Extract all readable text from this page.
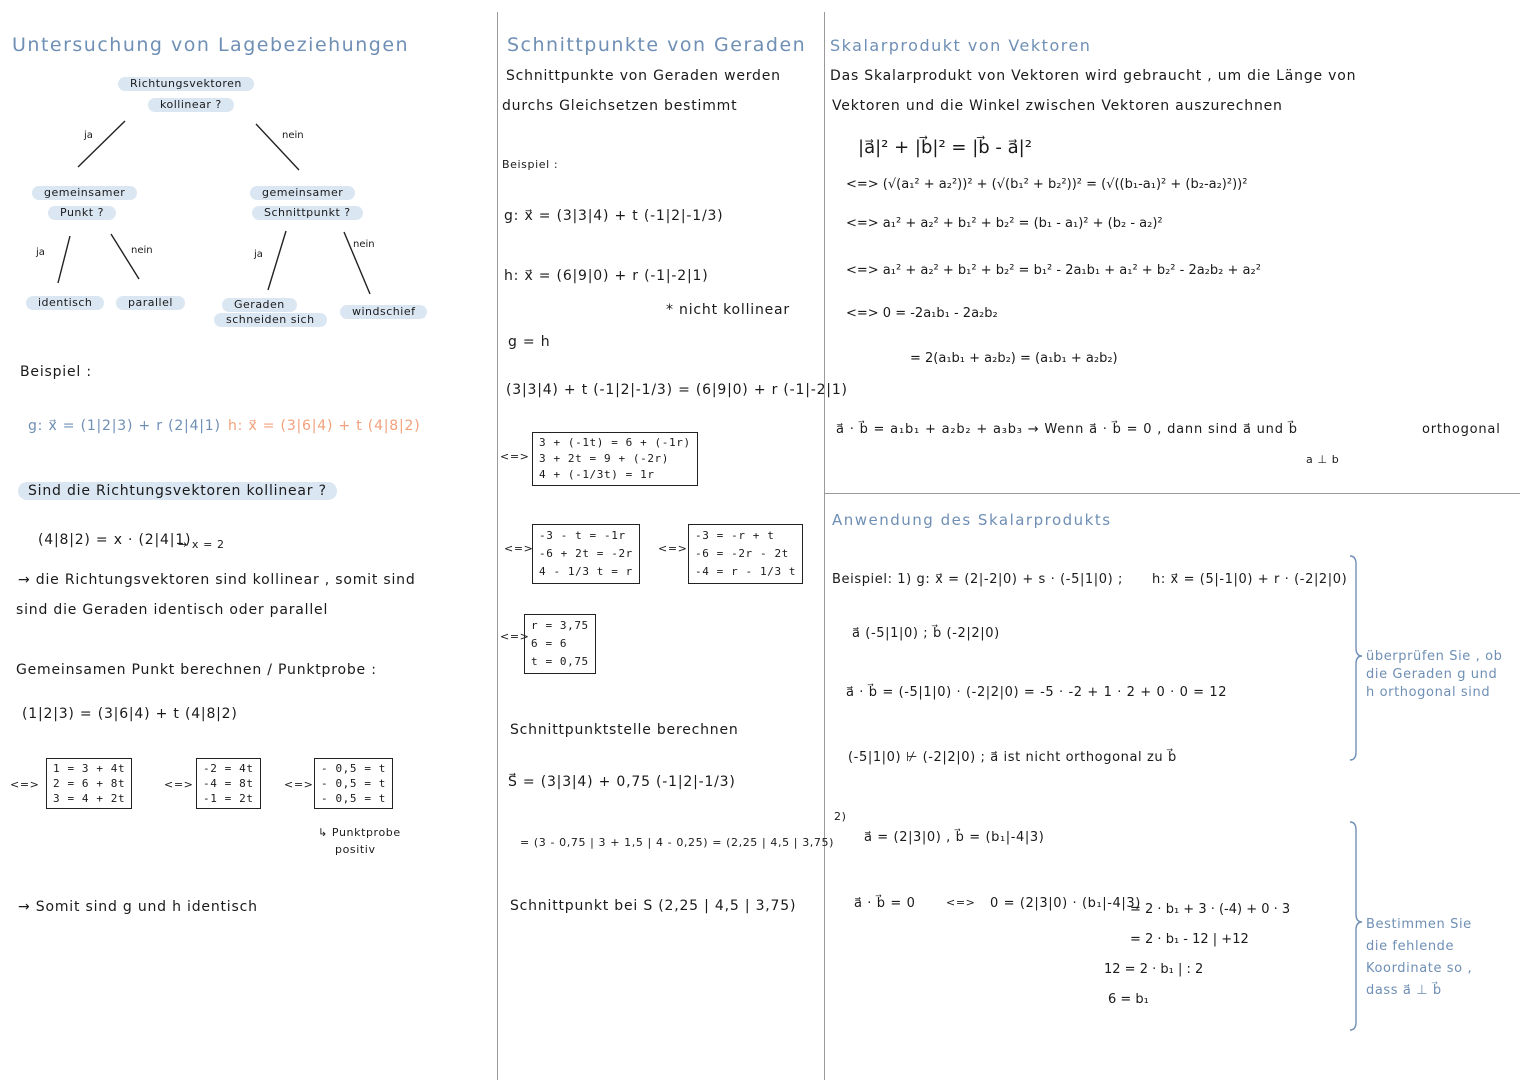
Untersuchung von Lagebeziehungen
Richtungsvektoren
kollinear ?
ja	nein
gemeinsamer
Punkt ?
gemeinsamer
Schnittpunkt ?
ja	nein	ja
nein
identisch	parallel	Geraden
schneiden sich
windschief
Beispiel :
g: x⃗ = (1|2|3) + r (2|4|1) h: x⃗ = (3|6|4) + t (4|8|2)
Sind die Richtungsvektoren kollinear ?
(4|8|2) = x · (2|4|1)
→ x = 2
→ die Richtungsvektoren sind kollinear , somit sind
sind die Geraden identisch oder parallel
Gemeinsamen Punkt berechnen / Punktprobe :
(1|2|3) = (3|6|4) + t (4|8|2)
<=>
1 = 3 + 4t
2 = 6 + 8t
3 = 4 + 2t
<=>
-2 = 4t
-4 = 8t
-1 = 2t
<=>
- 0,5 = t
- 0,5 = t
- 0,5 = t
↳ Punktprobe
positiv
→ Somit sind g und h identisch
Schnittpunkte von Geraden
Schnittpunkte von Geraden werden
durchs Gleichsetzen bestimmt
Beispiel :
g: x⃗ = (3|3|4) + t (-1|2|-1/3)
h: x⃗ = (6|9|0) + r (-1|-2|1)
* nicht kollinear
g = h
(3|3|4) + t (-1|2|-1/3) = (6|9|0) + r (-1|-2|1)
<=>
3 + (-1t) = 6 + (-1r)
3 + 2t = 9 + (-2r)
4 + (-1/3t) = 1r
<=>
-3 - t = -1r
-6 + 2t = -2r
4 - 1/3 t = r
<=>
-3 = -r + t
-6 = -2r - 2t
-4 = r - 1/3 t
<=>
r = 3,75
6 = 6
t = 0,75
Schnittpunktstelle berechnen
S⃗ = (3|3|4) + 0,75 (-1|2|-1/3)
= (3 - 0,75 | 3 + 1,5 | 4 - 0,25) = (2,25 | 4,5 | 3,75)
Schnittpunkt bei S (2,25 | 4,5 | 3,75)
Skalarprodukt von Vektoren
Das Skalarprodukt von Vektoren wird gebraucht , um die Länge von
Vektoren und die Winkel zwischen Vektoren auszurechnen
|a⃗|² + |b⃗|² = |b⃗ - a⃗|²
<=> (√(a₁² + a₂²))² + (√(b₁² + b₂²))² = (√((b₁-a₁)² + (b₂-a₂)²))²
<=> a₁² + a₂² + b₁² + b₂² = (b₁ - a₁)² + (b₂ - a₂)²
<=> a₁² + a₂² + b₁² + b₂² = b₁² - 2a₁b₁ + a₁² + b₂² - 2a₂b₂ + a₂²
<=> 0 = -2a₁b₁ - 2a₂b₂
= 2(a₁b₁ + a₂b₂) = (a₁b₁ + a₂b₂)
a⃗ · b⃗ = a₁b₁ + a₂b₂ + a₃b₃ → Wenn a⃗ · b⃗ = 0 , dann sind a⃗ und b⃗	orthogonal
a ⊥ b
Anwendung des Skalarprodukts
Beispiel: 1) g: x⃗ = (2|-2|0) + s · (-5|1|0) ; h: x⃗ = (5|-1|0) + r · (-2|2|0)
a⃗ (-5|1|0) ; b⃗ (-2|2|0)
a⃗ · b⃗ = (-5|1|0) · (-2|2|0) = -5 · -2 + 1 · 2 + 0 · 0 = 12
(-5|1|0) ⊬ (-2|2|0) ; a⃗ ist nicht orthogonal zu b⃗
überprüfen Sie , ob die Geraden g und h orthogonal sind
2)
a⃗ = (2|3|0) , b⃗ = (b₁|-4|3)
a⃗ · b⃗ = 0	<=> 0 = (2|3|0) · (b₁|-4|3)
= 2 · b₁ + 3 · (-4) + 0 · 3
= 2 · b₁ - 12 | +12
12 = 2 · b₁ | : 2
6 = b₁
Bestimmen Sie die fehlende Koordinate so , dass a⃗ ⊥ b⃗
